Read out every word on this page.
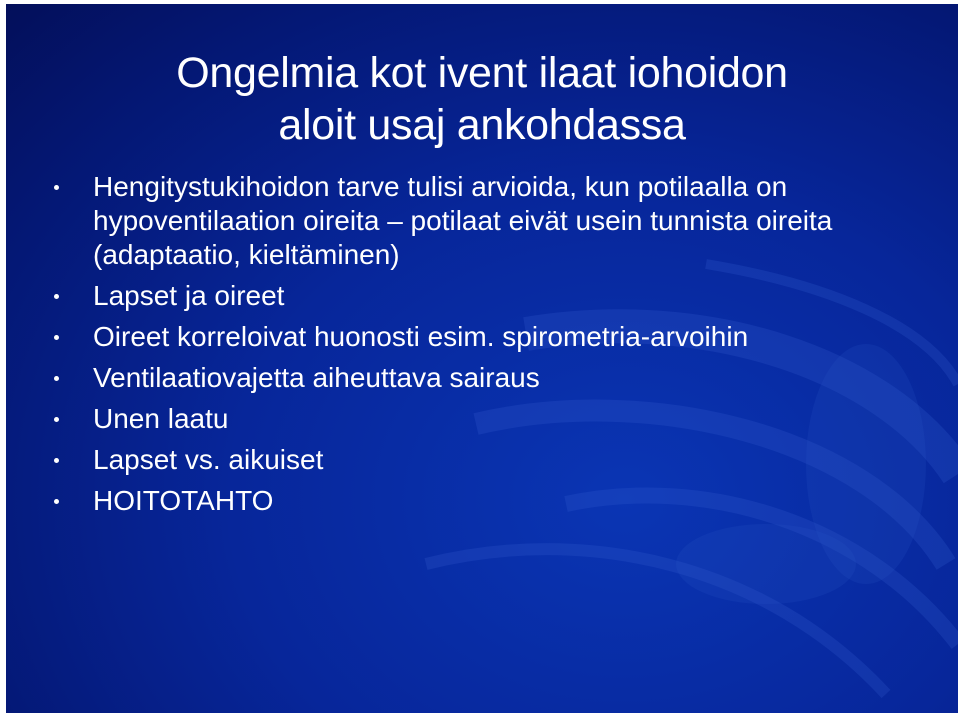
Ongelmia kot ivent ilaat iohoidon
aloit usaj ankohdassa
Hengitystukihoidon tarve tulisi arvioida, kun potilaalla on hypoventilaation oireita – potilaat eivät usein tunnista oireita (adaptaatio, kieltäminen)
Lapset ja oireet
Oireet korreloivat huonosti esim. spirometria-arvoihin
Ventilaatiovajetta aiheuttava sairaus
Unen laatu
Lapset vs. aikuiset
HOITOTAHTO
